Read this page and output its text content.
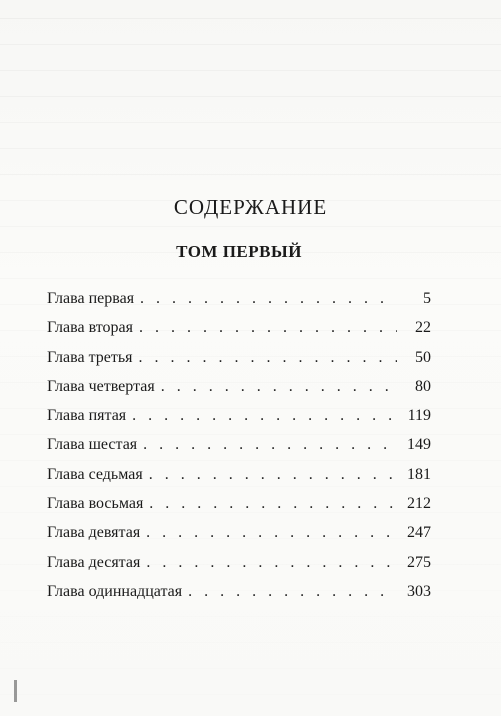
СОДЕРЖАНИЕ
ТОМ ПЕРВЫЙ
Глава первая . . .	5
Глава вторая . . .	22
Глава третья . . .	50
Глава четвертая . . .	80
Глава пятая . . .	119
Глава шестая . . .	149
Глава седьмая . . .	181
Глава восьмая . . .	212
Глава девятая . . .	247
Глава десятая . . .	275
Глава одиннадцатая . . .	303
